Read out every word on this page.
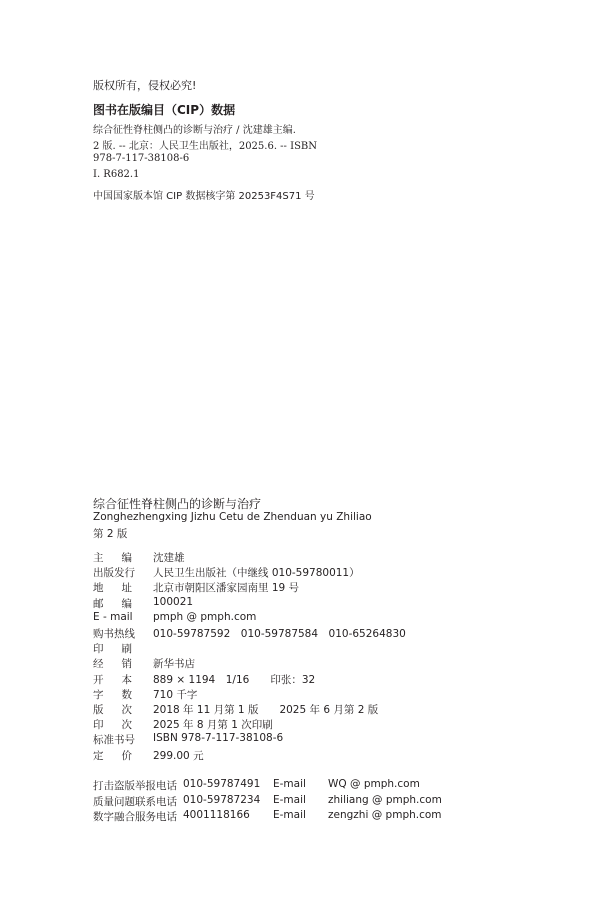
版权所有，侵权必究!
图书在版编目（CIP）数据
综合征性脊柱侧凸的诊断与治疗 / 沈建雄主编.
2 版. -- 北京：人民卫生出版社，2025.6. -- ISBN
978-7-117-38108-6
Ⅰ. R682.1
中国国家版本馆 CIP 数据核字第 20253F4S71 号
综合征性脊柱侧凸的诊断与治疗
Zonghezhengxing Jizhu Cetu de Zhenduan yu Zhiliao
第 2 版
主 编 沈建雄
出版发行	人民卫生出版社（中继线 010-59780011）
地 址 北京市朝阳区潘家园南里 19 号
邮 编 100021
E - mail	pmph @ pmph.com
购书热线	010-59787592　010-59787584　010-65264830
印 刷
经 销 新华书店
开 本 889 × 1194　1/16　　印张：32
字 数 710 千字
版 次 2018 年 11 月第 1 版　　2025 年 6 月第 2 版
印 次 2025 年 8 月第 1 次印刷
标准书号	ISBN 978-7-117-38108-6
定 价 299.00 元
打击盗版举报电话 010-59787491 E-mail WQ @ pmph.com
质量问题联系电话 010-59787234 E-mail zhiliang @ pmph.com
数字融合服务电话 4001118166 E-mail zengzhi @ pmph.com
